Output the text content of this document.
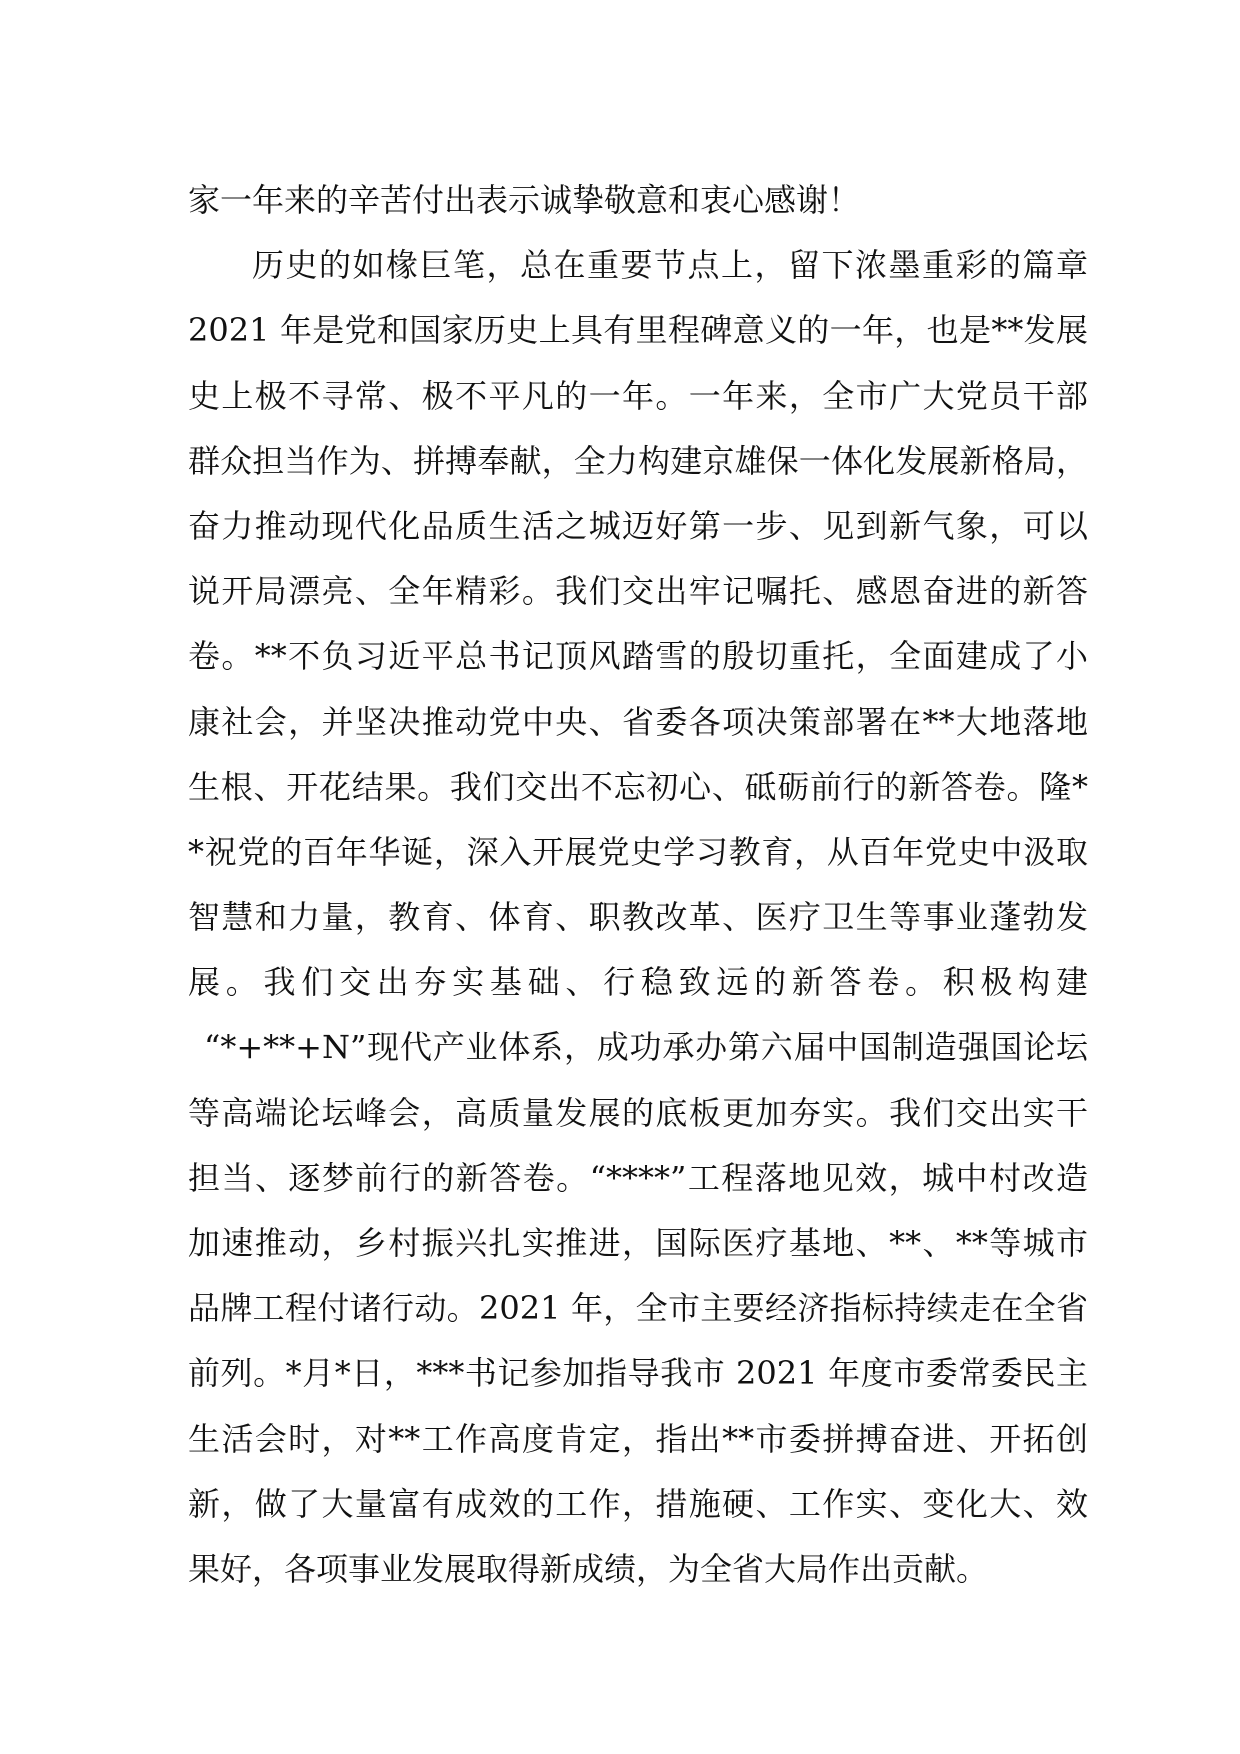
家一年来的辛苦付出表示诚挚敬意和衷心感谢！
历史的如椽巨笔，总在重要节点上，留下浓墨重彩的篇章
2021 年是党和国家历史上具有里程碑意义的一年，也是**发展
史上极不寻常、极不平凡的一年。一年来，全市广大党员干部
群众担当作为、拼搏奉献，全力构建京雄保一体化发展新格局，
奋力推动现代化品质生活之城迈好第一步、见到新气象，可以
说开局漂亮、全年精彩。我们交出牢记嘱托、感恩奋进的新答
卷。**不负习近平总书记顶风踏雪的殷切重托，全面建成了小
康社会，并坚决推动党中央、省委各项决策部署在**大地落地
生根、开花结果。我们交出不忘初心、砥砺前行的新答卷。隆*
*祝党的百年华诞，深入开展党史学习教育，从百年党史中汲取
智慧和力量，教育、体育、职教改革、医疗卫生等事业蓬勃发
展。我们交出夯实基础、行稳致远的新答卷。积极构建
“*+**+N”现代产业体系，成功承办第六届中国制造强国论坛
等高端论坛峰会，高质量发展的底板更加夯实。我们交出实干
担当、逐梦前行的新答卷。“****”工程落地见效，城中村改造
加速推动，乡村振兴扎实推进，国际医疗基地、**、**等城市
品牌工程付诸行动。2021 年，全市主要经济指标持续走在全省
前列。*月*日，***书记参加指导我市 2021 年度市委常委民主
生活会时，对**工作高度肯定，指出**市委拼搏奋进、开拓创
新，做了大量富有成效的工作，措施硬、工作实、变化大、效
果好，各项事业发展取得新成绩，为全省大局作出贡献。
